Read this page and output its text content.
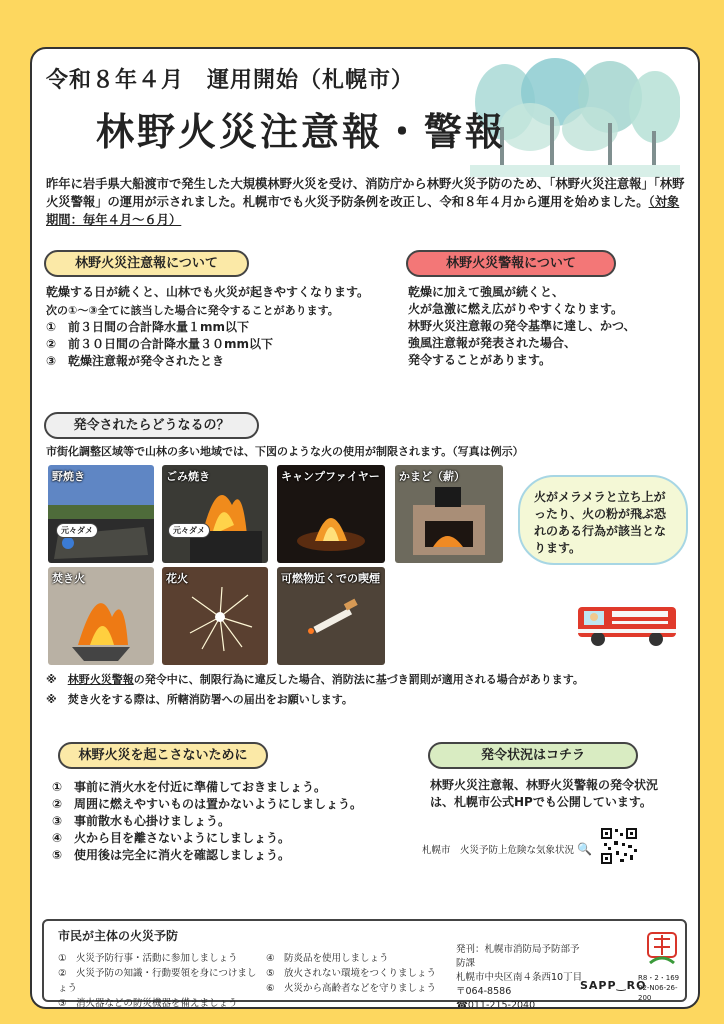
令和８年４月　運用開始（札幌市）
林野火災注意報・警報
昨年に岩手県大船渡市で発生した大規模林野火災を受け、消防庁から林野火災予防のため、「林野火災注意報」「林野火災警報」の運用が示されました。札幌市でも火災予防条例を改正し、令和８年４月から運用を始めました。（対象期間：毎年４月～６月）
林野火災注意報について
乾燥する日が続くと、山林でも火災が起きやすくなります。
次の①～③全てに該当した場合に発令することがあります。
① 前３日間の合計降水量１mm以下
② 前３０日間の合計降水量３０mm以下
③ 乾燥注意報が発令されたとき
林野火災警報について
乾燥に加えて強風が続くと、
火が急激に燃え広がりやすくなります。
林野火災注意報の発令基準に達し、かつ、
強風注意報が発表された場合、
発令することがあります。
発令されたらどうなるの？
市街化調整区域等で山林の多い地域では、下図のような火の使用が制限されます。（写真は例示）
野焼き
元々ダメ
ごみ焼き
元々ダメ
キャンプファイヤー かまど（薪）
焚き火	花火	可燃物近くでの喫煙
火がメラメラと立ち上がったり、火の粉が飛ぶ恐れのある行為が該当となります。
※　 林野火災警報の発令中に、制限行為に違反した場合、消防法に基づき罰則が適用される場合があります。
※　 焚き火をする際は、所轄消防署への届出をお願いします。
林野火災を起こさないために
① 事前に消火水を付近に準備しておきましょう。
② 周囲に燃えやすいものは置かないようにしましょう。
③ 事前散水も心掛けましょう。
④ 火から目を離さないようにしましょう。
⑤ 使用後は完全に消火を確認しましょう。
発令状況はコチラ
林野火災注意報、林野火災警報の発令状況は、札幌市公式HPでも公開しています。
札幌市　火災予防上危険な気象状況 🔍
市民が主体の火災予防
①　火災予防行事・活動に参加しましょう
②　火災予防の知識・行動要領を身につけましょう
③　消火器などの防災機器を備えましょう
④　防炎品を使用しましょう
⑤　放火されない環境をつくりましょう
⑥　火災から高齢者などを守りましょう
発刊：札幌市消防局予防部予防課
札幌市中央区南４条西10丁目
〒064-8586
☎011-215-2040
SAPP‿RO
R8・2・169
02-N06-26-200
